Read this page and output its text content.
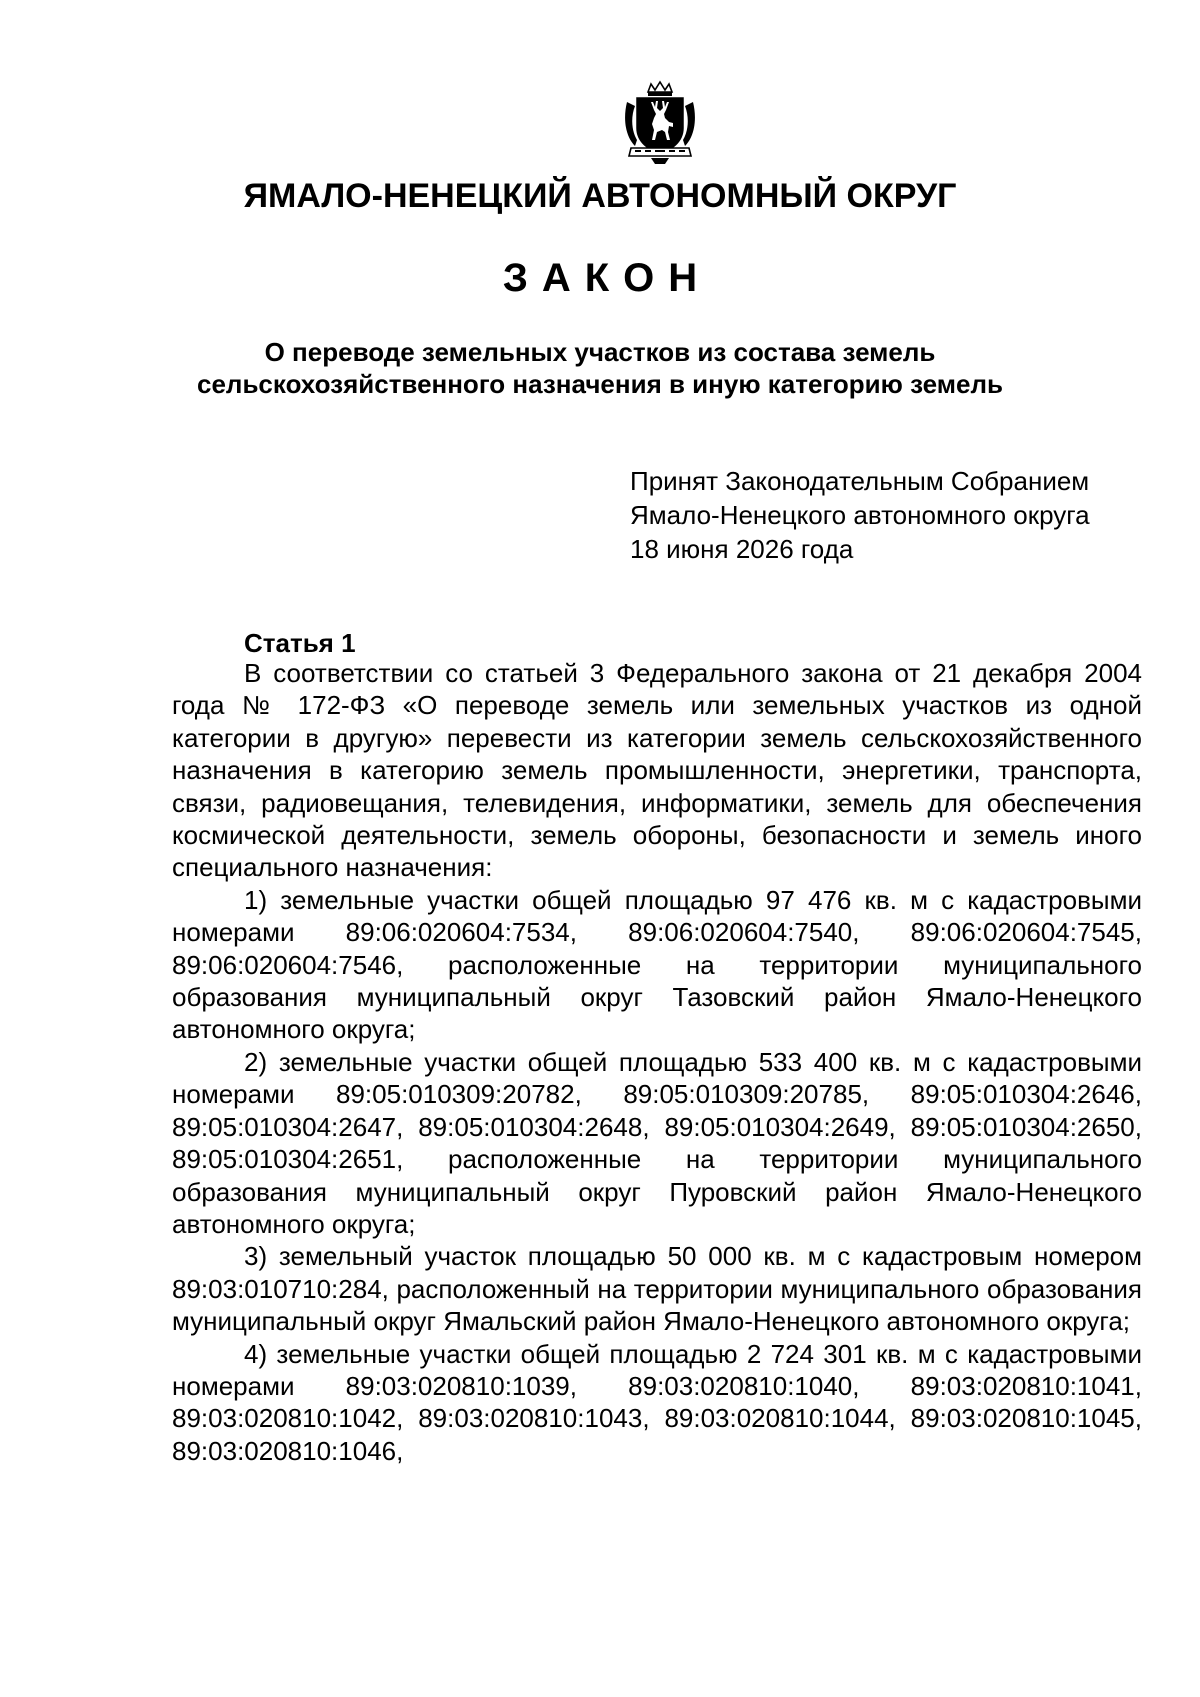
ЯМАЛО-НЕНЕЦКИЙ АВТОНОМНЫЙ ОКРУГ
ЗАКОН
О переводе земельных участков из состава земель
сельскохозяйственного назначения в иную категорию земель
Принят Законодательным Собранием
Ямало-Ненецкого автономного округа
18 июня 2026 года
Статья 1

В соответствии со статьей 3 Федерального закона от 21 декабря 2004 года № 172-ФЗ «О переводе земель или земельных участков из одной категории в другую» перевести из категории земель сельскохозяйственного назначения в категорию земель промышленности, энергетики, транспорта, связи, радиовещания, телевидения, информатики, земель для обеспечения космической деятельности, земель обороны, безопасности и земель иного специального назначения:

1) земельные участки общей площадью 97 476 кв. м с кадастровыми номерами 89:06:020604:7534, 89:06:020604:7540, 89:06:020604:7545, 89:06:020604:7546, расположенные на территории муниципального образования муниципальный округ Тазовский район Ямало-Ненецкого автономного округа;

2) земельные участки общей площадью 533 400 кв. м с кадастровыми номерами 89:05:010309:20782, 89:05:010309:20785, 89:05:010304:2646, 89:05:010304:2647, 89:05:010304:2648, 89:05:010304:2649, 89:05:010304:2650, 89:05:010304:2651, расположенные на территории муниципального образования муниципальный округ Пуровский район Ямало-Ненецкого автономного округа;

3) земельный участок площадью 50 000 кв. м с кадастровым номером 89:03:010710:284, расположенный на территории муниципального образования муниципальный округ Ямальский район Ямало-Ненецкого автономного округа;

4) земельные участки общей площадью 2 724 301 кв. м с кадастровыми номерами 89:03:020810:1039, 89:03:020810:1040, 89:03:020810:1041, 89:03:020810:1042, 89:03:020810:1043, 89:03:020810:1044, 89:03:020810:1045, 89:03:020810:1046,
